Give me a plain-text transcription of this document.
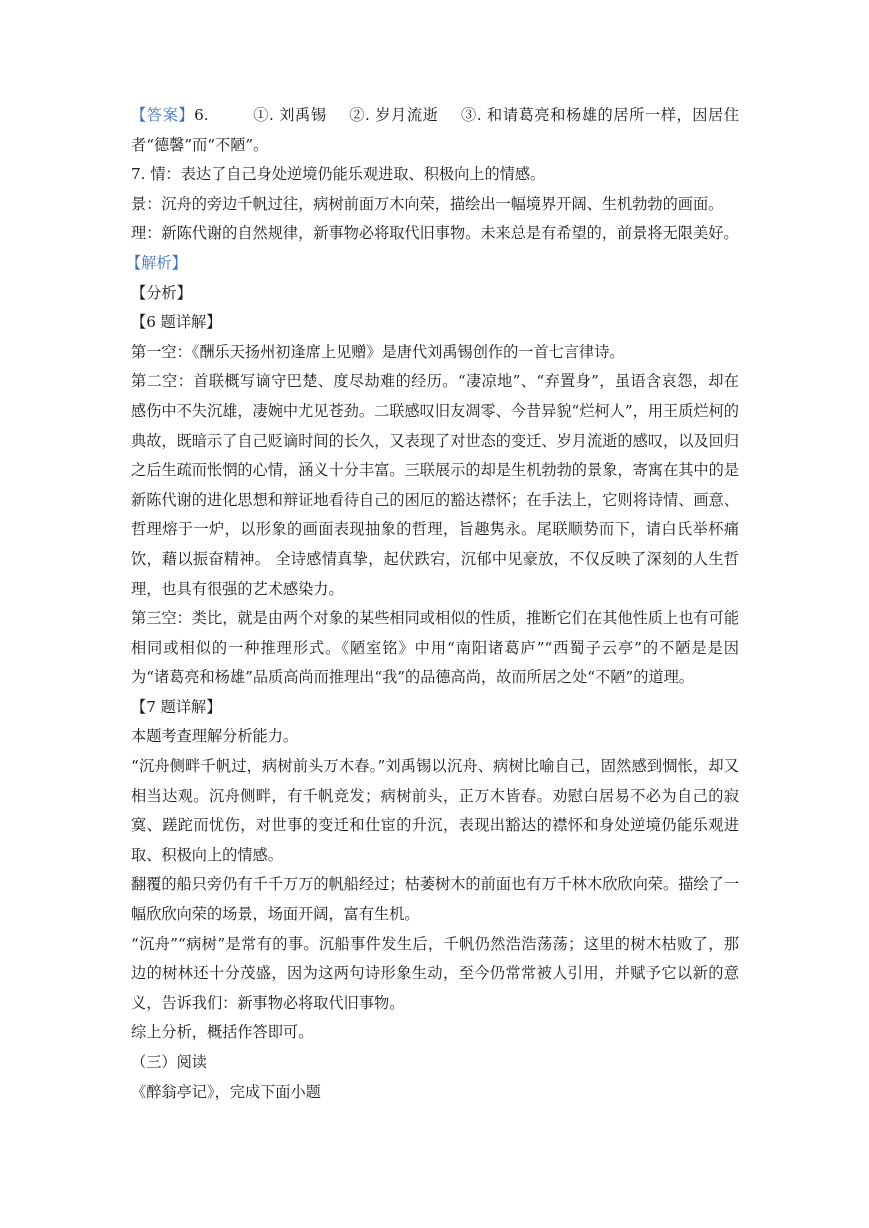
【答案】6.	①. 刘禹锡 ②. 岁月流逝 ③. 和请葛亮和杨雄的居所一样，因居住者“德馨”而“不陋”。

7. 情：表达了自己身处逆境仍能乐观进取、积极向上的情感。

景：沉舟的旁边千帆过往，病树前面万木向荣，描绘出一幅境界开阔、生机勃勃的画面。

理：新陈代谢的自然规律，新事物必将取代旧事物。未来总是有希望的，前景将无限美好。

【解析】

【分析】

【6 题详解】

第一空：《酬乐天扬州初逢席上见赠》是唐代刘禹锡创作的一首七言律诗。

第二空：首联概写谪守巴楚、度尽劫难的经历。“凄凉地”、“弃置身”，虽语含哀怨，却在感伤中不失沉雄，凄婉中尤见苍劲。二联感叹旧友凋零、今昔异貌“烂柯人”，用王质烂柯的典故，既暗示了自己贬谪时间的长久，又表现了对世态的变迁、岁月流逝的感叹，以及回归之后生疏而怅惘的心情，涵义十分丰富。三联展示的却是生机勃勃的景象，寄寓在其中的是新陈代谢的进化思想和辩证地看待自己的困厄的豁达襟怀；在手法上，它则将诗情、画意、哲理熔于一炉，以形象的画面表现抽象的哲理，旨趣隽永。尾联顺势而下，请白氏举杯痛饮，藉以振奋精神。 全诗感情真挚，起伏跌宕，沉郁中见豪放，不仅反映了深刻的人生哲理，也具有很强的艺术感染力。

第三空：类比，就是由两个对象的某些相同或相似的性质，推断它们在其他性质上也有可能相同或相似的一种推理形式。《陋室铭》中用“南阳诸葛庐”“西蜀子云亭”的不陋是是因为“诸葛亮和杨雄”品质高尚而推理出“我”的品德高尚，故而所居之处“不陋”的道理。

【7 题详解】

本题考查理解分析能力。

“沉舟侧畔千帆过，病树前头万木春。”刘禹锡以沉舟、病树比喻自己，固然感到惆怅，却又相当达观。沉舟侧畔，有千帆竞发；病树前头，正万木皆春。劝慰白居易不必为自己的寂寞、蹉跎而忧伤，对世事的变迁和仕宦的升沉，表现出豁达的襟怀和身处逆境仍能乐观进取、积极向上的情感。

翻覆的船只旁仍有千千万万的帆船经过；枯萎树木的前面也有万千林木欣欣向荣。描绘了一幅欣欣向荣的场景，场面开阔，富有生机。

“沉舟”“病树”是常有的事。沉船事件发生后，千帆仍然浩浩荡荡；这里的树木枯败了，那边的树林还十分茂盛，因为这两句诗形象生动，至今仍常常被人引用，并赋予它以新的意义，告诉我们：新事物必将取代旧事物。

综上分析，概括作答即可。

（三）阅读

《醉翁亭记》，完成下面小题
